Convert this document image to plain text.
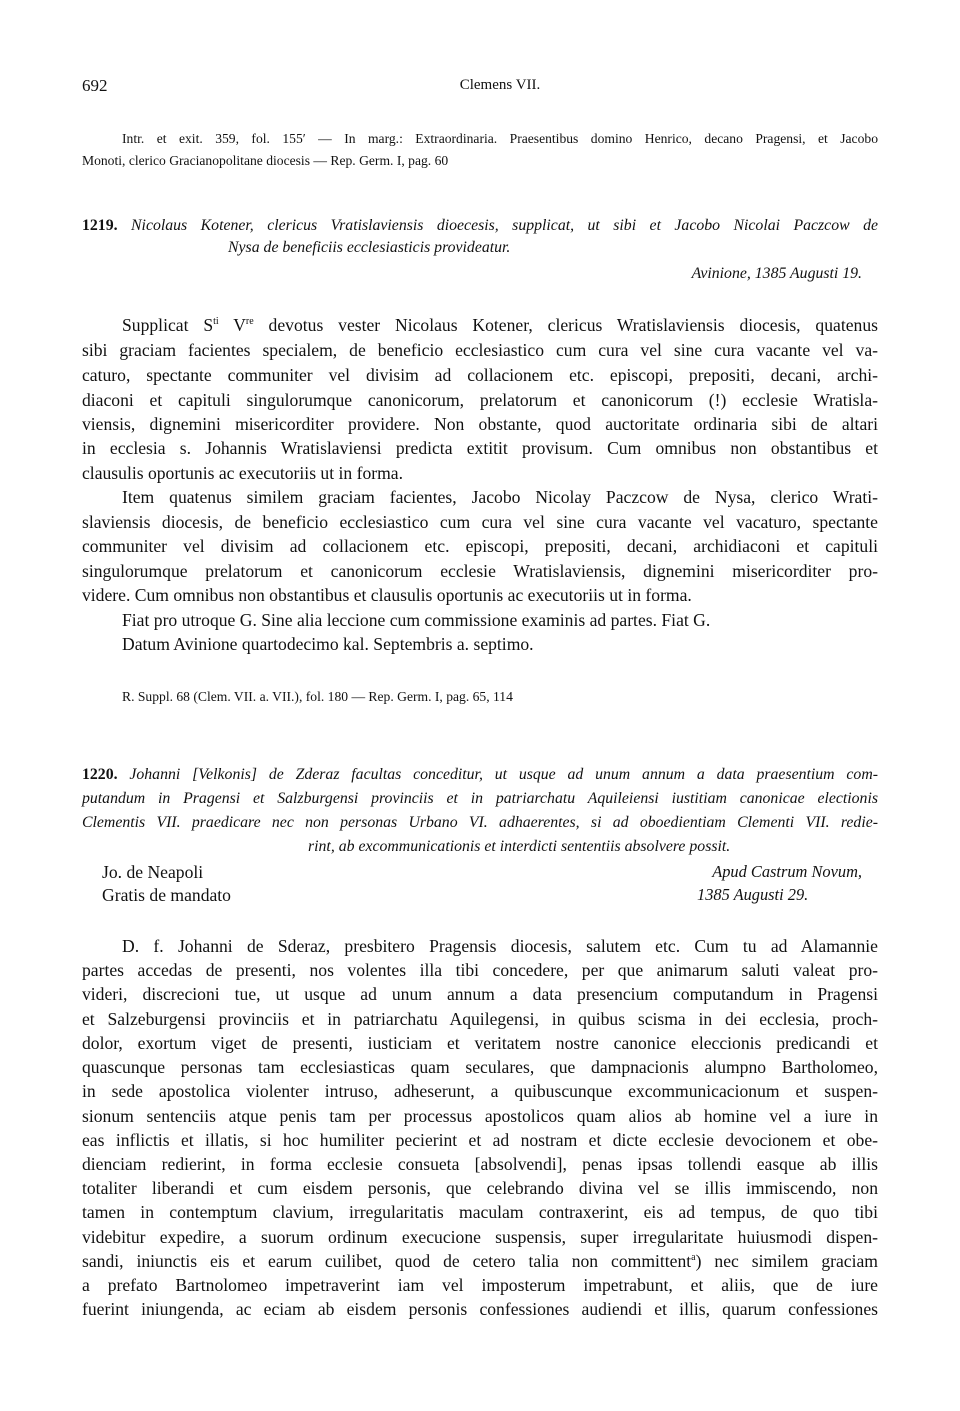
692	Clemens VII.
Intr. et exit. 359, fol. 155′ — In marg.: Extraordinaria. Praesentibus domino Henrico, decano Pragensi, et Jacobo
Monoti, clerico Gracianopolitane diocesis — Rep. Germ. I, pag. 60
1219. Nicolaus Kotener, clericus Vratislaviensis dioecesis, supplicat, ut sibi et Jacobo Nicolai Paczcow de
Nysa de beneficiis ecclesiasticis provideatur.
Avinione, 1385 Augusti 19.
Supplicat $S^{ti}$ Vre devotus vester Nicolaus Kotener, clericus Wratislaviensis diocesis, quatenus
sibi graciam facientes specialem, de beneficio ecclesiastico cum cura vel sine cura vacante vel va-
caturo, spectante communiter vel divisim ad collacionem etc. episcopi, prepositi, decani, archi-
diaconi et capituli singulorumque canonicorum, prelatorum et canonicorum (!) ecclesie Wratisla-
viensis, dignemini misericorditer providere. Non obstante, quod auctoritate ordinaria sibi de altari
in ecclesia s. Johannis Wratislaviensi predicta extitit provisum. Cum omnibus non obstantibus et
clausulis oportunis ac executoriis ut in forma.
Item quatenus similem graciam facientes, Jacobo Nicolay Paczcow de Nysa, clerico Wrati-
slaviensis diocesis, de beneficio ecclesiastico cum cura vel sine cura vacante vel vacaturo, spectante
communiter vel divisim ad collacionem etc. episcopi, prepositi, decani, archidiaconi et capituli
singulorumque prelatorum et canonicorum ecclesie Wratislaviensis, dignemini misericorditer pro-
videre. Cum omnibus non obstantibus et clausulis oportunis ac executoriis ut in forma.
Fiat pro utroque G. Sine alia leccione cum commissione examinis ad partes. Fiat G.
Datum Avinione quartodecimo kal. Septembris a. septimo.
R. Suppl. 68 (Clem. VII. a. VII.), fol. 180 — Rep. Germ. I, pag. 65, 114
1220. Johanni [Velkonis] de Zderaz facultas conceditur, ut usque ad unum annum a data praesentium com-
putandum in Pragensi et Salzburgensi provinciis et in patriarchatu Aquileiensi iustitiam canonicae electionis
Clementis VII. praedicare nec non personas Urbano VI. adhaerentes, si ad oboedientiam Clementi VII. redie-
rint, ab excommunicationis et interdicti sententiis absolvere possit.
Jo. de Neapoli	Apud Castrum Novum,
Gratis de mandato	1385 Augusti 29.
D. f. Johanni de Sderaz, presbitero Pragensis diocesis, salutem etc. Cum tu ad Alamannie
partes accedas de presenti, nos volentes illa tibi concedere, per que animarum saluti valeat pro-
videri, discrecioni tue, ut usque ad unum annum a data presencium computandum in Pragensi
et Salzeburgensi provinciis et in patriarchatu Aquilegensi, in quibus scisma in dei ecclesia, proch-
dolor, exortum viget de presenti, iusticiam et veritatem nostre canonice eleccionis predicandi et
quascunque personas tam ecclesiasticas quam seculares, que dampnacionis alumpno Bartholomeo,
in sede apostolica violenter intruso, adheserunt, a quibuscunque excommunicacionum et suspen-
sionum sentenciis atque penis tam per processus apostolicos quam alios ab homine vel a iure in
eas inflictis et illatis, si hoc humiliter pecierint et ad nostram et dicte ecclesie devocionem et obe-
dienciam redierint, in forma ecclesie consueta [absolvendi], penas ipsas tollendi easque ab illis
totaliter liberandi et cum eisdem personis, que celebrando divina vel se illis immiscendo, non
tamen in contemptum clavium, irregularitatis maculam contraxerint, eis ad tempus, de quo tibi
videbitur expedire, a suorum ordinum execucione suspensis, super irregularitate huiusmodi dispen-
sandi, iniunctis eis et earum cuilibet, quod de cetero talia non committent$^a$) nec similem graciam
a prefato Bartnolomeo impetraverint iam vel imposterum impetrabunt, et aliis, que de iure
fuerint iniungenda, ac eciam ab eisdem personis confessiones audiendi et illis, quarum confessiones
